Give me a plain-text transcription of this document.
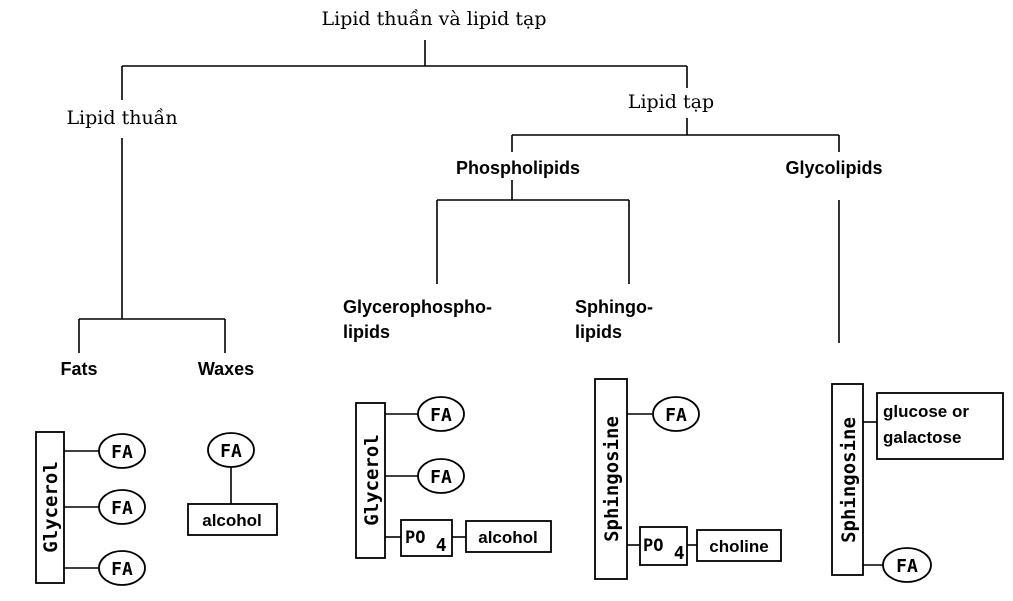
Lipid thuần và lipid tạp
Lipid thuần
Lipid tạp
Phospholipids	Glycolipids
Glycerophospho-
lipids
Sphingo-
lipids
Fats	Waxes
Glycerol
FA
FA
FA
FA
alcohol	Glycerol
FA
FA
PO 4 alcohol	Sphingosine
FA
PO 4 choline
Sphingosine
glucose or
galactose
FA
